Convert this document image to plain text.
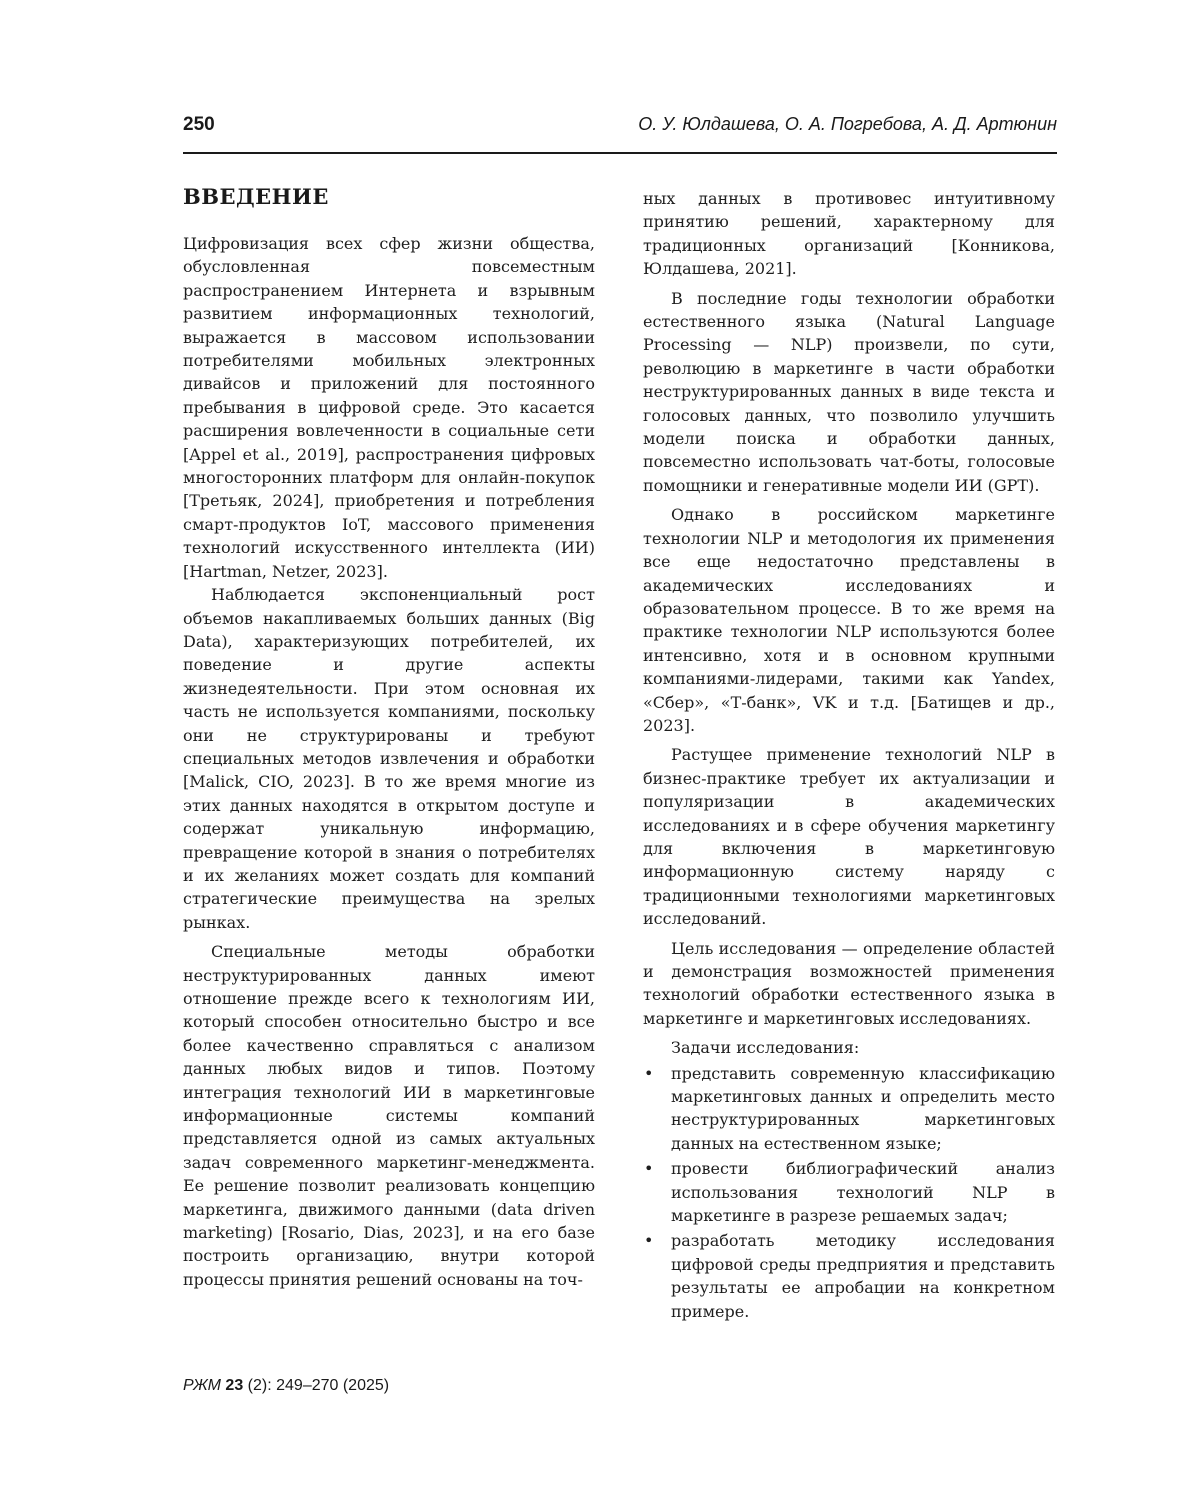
250	О. У. Юлдашева, О. А. Погребова, А. Д. Артюнин
ВВЕДЕНИЕ

Цифровизация всех сфер жизни общества, обусловленная повсеместным распространением Интернета и взрывным развитием информационных технологий, выражается в массовом использовании потребителями мобильных электронных дивайсов и приложений для постоянного пребывания в цифровой среде. Это касается расширения вовлеченности в социальные сети [Appel et al., 2019], распространения цифровых многосторонних платформ для онлайн-покупок [Третьяк, 2024], приобретения и потребления смарт-продуктов IoT, массового применения технологий искусственного интеллекта (ИИ) [Hartman, Netzer, 2023].

Наблюдается экспоненциальный рост объемов накапливаемых больших данных (Big Data), характеризующих потребителей, их поведение и другие аспекты жизнедеятельности. При этом основная их часть не используется компаниями, поскольку они не структурированы и требуют специальных методов извлечения и обработки [Malick, CIO, 2023]. В то же время многие из этих данных находятся в открытом доступе и содержат уникальную информацию, превращение которой в знания о потребителях и их желаниях может создать для компаний стратегические преимущества на зрелых рынках.

Специальные методы обработки неструктурированных данных имеют отношение прежде всего к технологиям ИИ, который способен относительно быстро и все более качественно справляться с анализом данных любых видов и типов. Поэтому интеграция технологий ИИ в маркетинговые информационные системы компаний представляется одной из самых актуальных задач современного маркетинг-менеджмента. Ее решение позволит реализовать концепцию маркетинга, движимого данными (data driven marketing) [Rosario, Dias, 2023], и на его базе построить организацию, внутри которой процессы принятия решений основаны на точ-

ных данных в противовес интуитивному принятию решений, характерному для традиционных организаций [Конникова, Юлдашева, 2021].

В последние годы технологии обработки естественного языка (Natural Language Processing — NLP) произвели, по сути, революцию в маркетинге в части обработки неструктурированных данных в виде текста и голосовых данных, что позволило улучшить модели поиска и обработки данных, повсеместно использовать чат-боты, голосовые помощники и генеративные модели ИИ (GPT).

Однако в российском маркетинге технологии NLP и методология их применения все еще недостаточно представлены в академических исследованиях и образовательном процессе. В то же время на практике технологии NLP используются более интенсивно, хотя и в основном крупными компаниями-лидерами, такими как Yandex, «Сбер», «Т-банк», VK и т.д. [Батищев и др., 2023].

Растущее применение технологий NLP в бизнес-практике требует их актуализации и популяризации в академических исследованиях и в сфере обучения маркетингу для включения в маркетинговую информационную систему наряду с традиционными технологиями маркетинговых исследований.

Цель исследования — определение областей и демонстрация возможностей применения технологий обработки естественного языка в маркетинге и маркетинговых исследованиях.

Задачи исследования:

• представить современную классификацию маркетинговых данных и определить место неструктурированных маркетинговых данных на естественном языке;
• провести библиографический анализ использования технологий NLP в маркетинге в разрезе решаемых задач;
• разработать методику исследования цифровой среды предприятия и представить результаты ее апробации на конкретном примере.
РЖМ 23 (2): 249–270 (2025)
